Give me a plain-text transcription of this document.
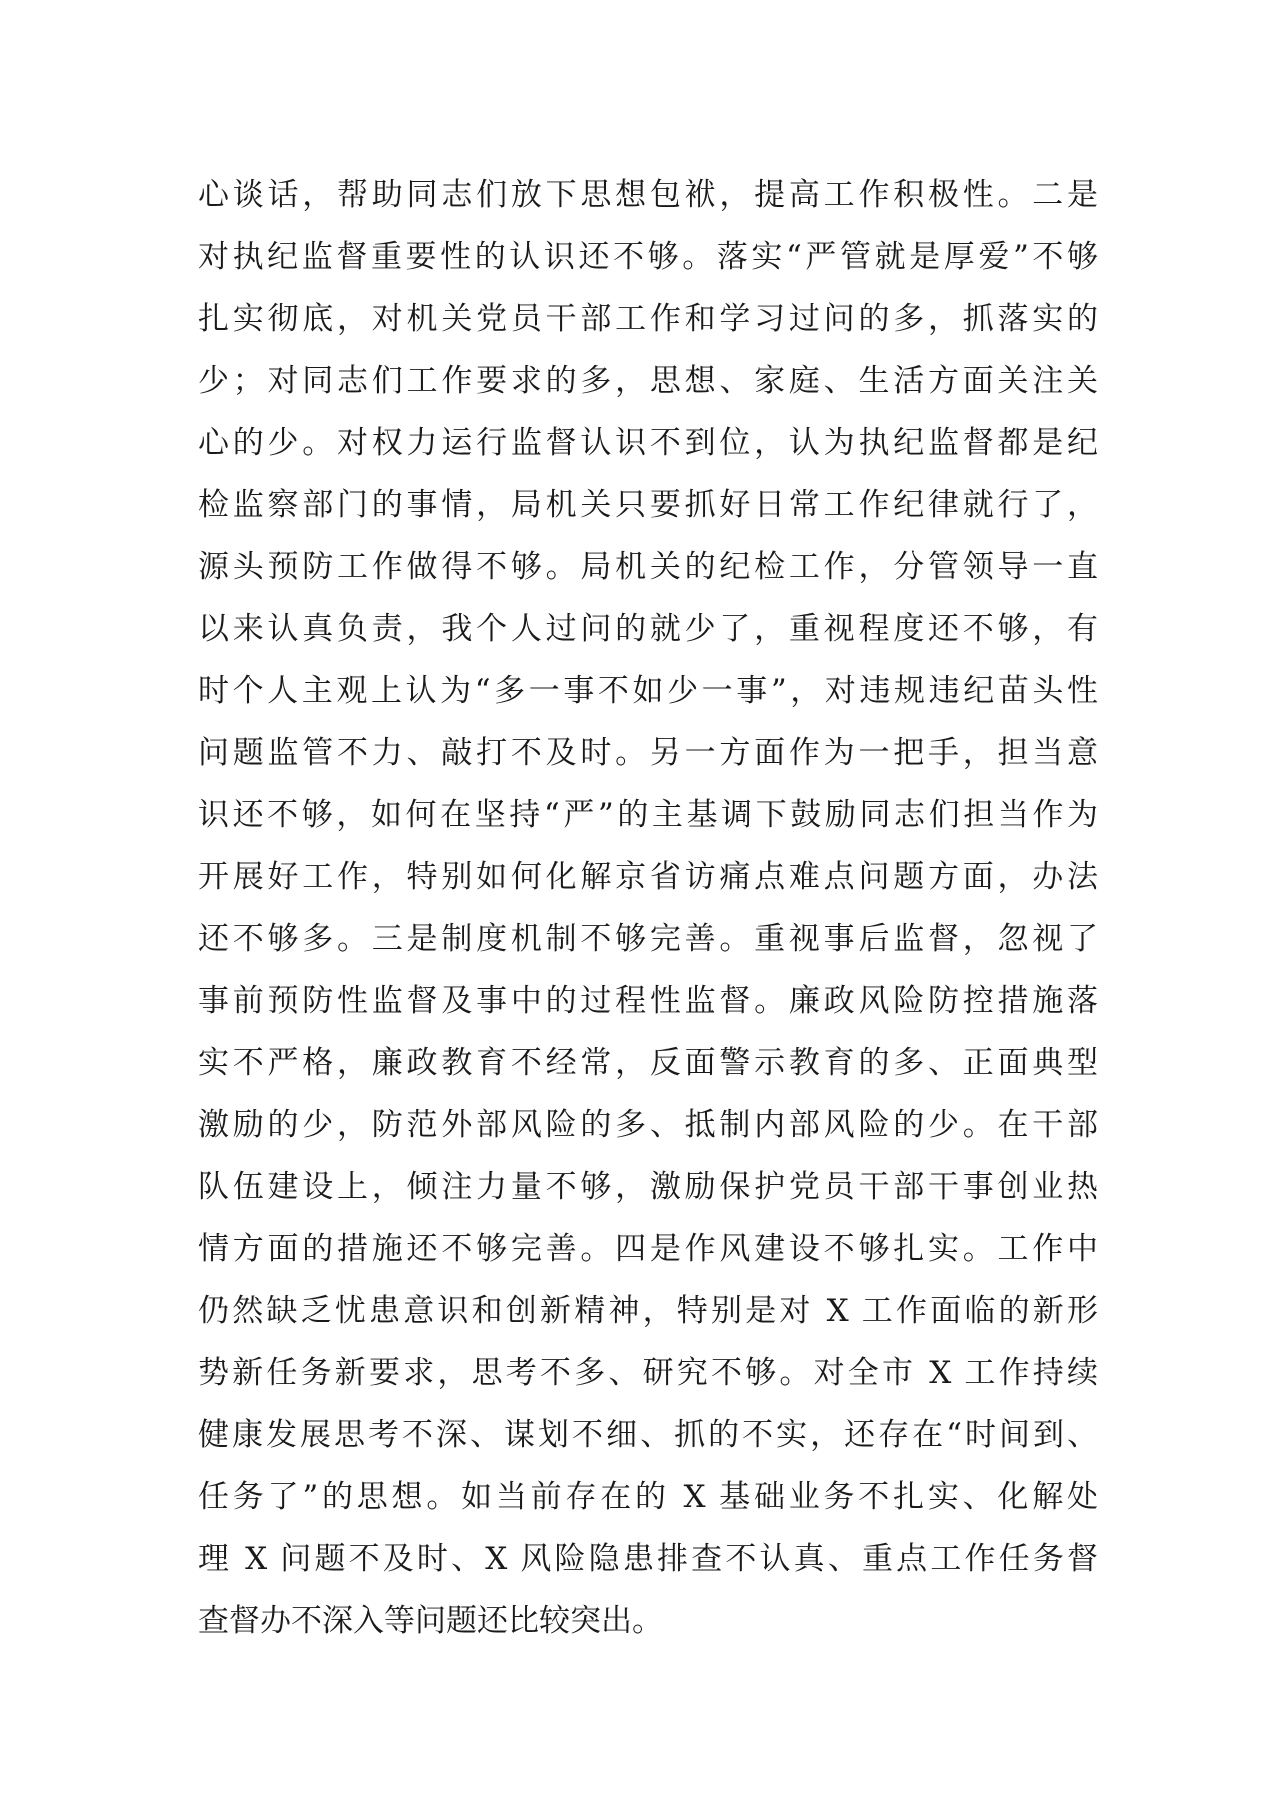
心谈话，帮助同志们放下思想包袱，提高工作积极性。二是
对执纪监督重要性的认识还不够。落实“严管就是厚爱”不够
扎实彻底，对机关党员干部工作和学习过问的多，抓落实的
少；对同志们工作要求的多，思想、家庭、生活方面关注关
心的少。对权力运行监督认识不到位，认为执纪监督都是纪
检监察部门的事情，局机关只要抓好日常工作纪律就行了，
源头预防工作做得不够。局机关的纪检工作，分管领导一直
以来认真负责，我个人过问的就少了，重视程度还不够，有
时个人主观上认为“多一事不如少一事”，对违规违纪苗头性
问题监管不力、敲打不及时。另一方面作为一把手，担当意
识还不够，如何在坚持“严”的主基调下鼓励同志们担当作为
开展好工作，特别如何化解京省访痛点难点问题方面，办法
还不够多。三是制度机制不够完善。重视事后监督，忽视了
事前预防性监督及事中的过程性监督。廉政风险防控措施落
实不严格，廉政教育不经常，反面警示教育的多、正面典型
激励的少，防范外部风险的多、抵制内部风险的少。在干部
队伍建设上，倾注力量不够，激励保护党员干部干事创业热
情方面的措施还不够完善。四是作风建设不够扎实。工作中
仍然缺乏忧患意识和创新精神，特别是对 X 工作面临的新形
势新任务新要求，思考不多、研究不够。对全市 X 工作持续
健康发展思考不深、谋划不细、抓的不实，还存在“时间到、
任务了”的思想。如当前存在的 X 基础业务不扎实、化解处
理 X 问题不及时、X 风险隐患排查不认真、重点工作任务督
查督办不深入等问题还比较突出。
